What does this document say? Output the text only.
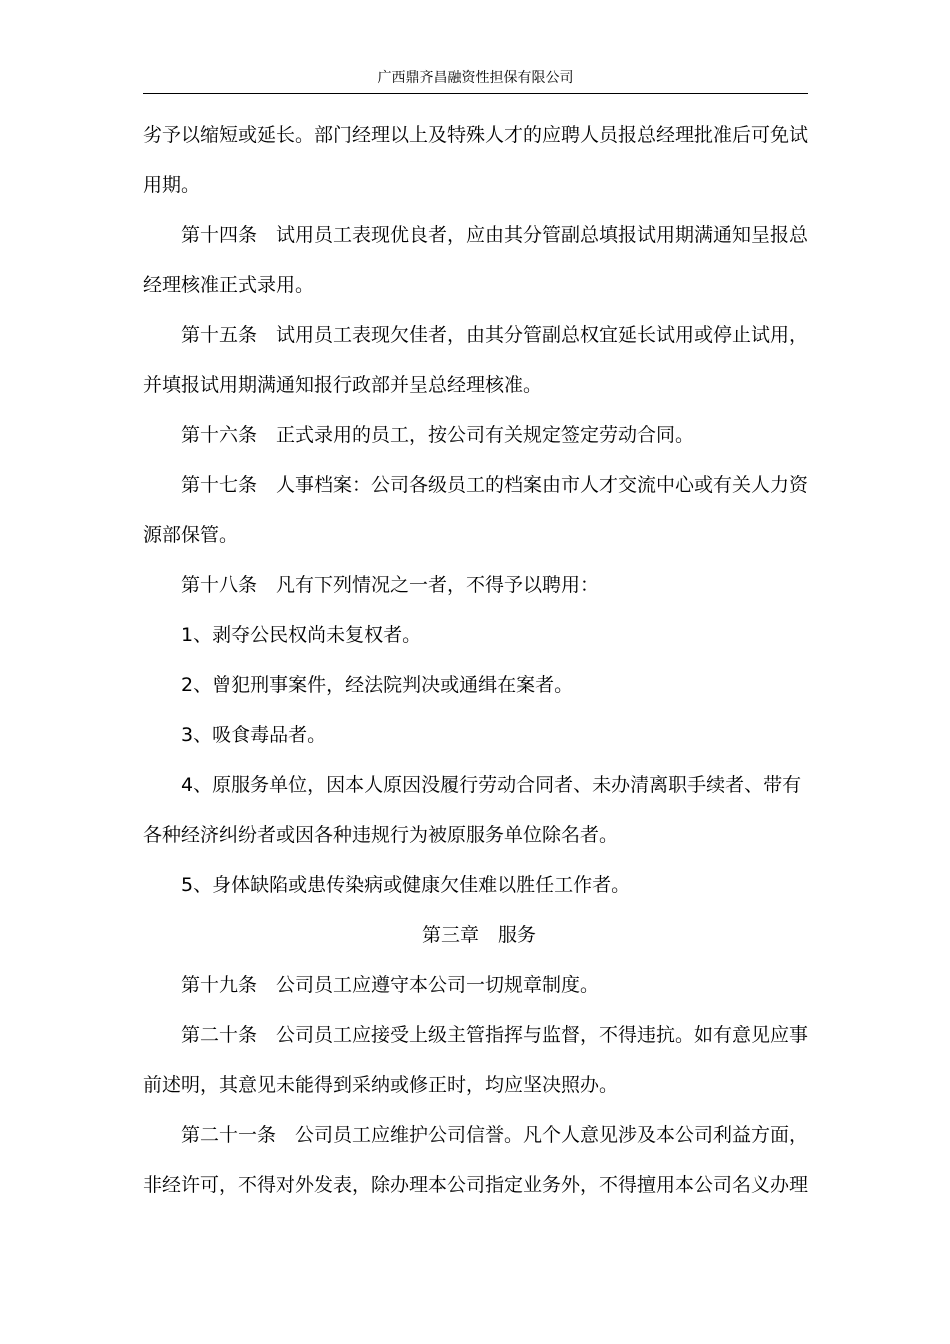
广西鼎齐昌融资性担保有限公司
劣予以缩短或延长。部门经理以上及特殊人才的应聘人员报总经理批准后可免试
用期。
第十四条 试用员工表现优良者，应由其分管副总填报试用期满通知呈报总
经理核准正式录用。
第十五条 试用员工表现欠佳者，由其分管副总权宜延长试用或停止试用，
并填报试用期满通知报行政部并呈总经理核准。
第十六条 正式录用的员工，按公司有关规定签定劳动合同。
第十七条 人事档案：公司各级员工的档案由市人才交流中心或有关人力资
源部保管。
第十八条 凡有下列情况之一者，不得予以聘用：
1、剥夺公民权尚未复权者。
2、曾犯刑事案件，经法院判决或通缉在案者。
3、吸食毒品者。
4、原服务单位，因本人原因没履行劳动合同者、未办清离职手续者、带有
各种经济纠纷者或因各种违规行为被原服务单位除名者。
5、身体缺陷或患传染病或健康欠佳难以胜任工作者。
第三章 服务
第十九条 公司员工应遵守本公司一切规章制度。
第二十条 公司员工应接受上级主管指挥与监督，不得违抗。如有意见应事
前述明，其意见未能得到采纳或修正时，均应坚决照办。
第二十一条 公司员工应维护公司信誉。凡个人意见涉及本公司利益方面，
非经许可，不得对外发表，除办理本公司指定业务外，不得擅用本公司名义办理
